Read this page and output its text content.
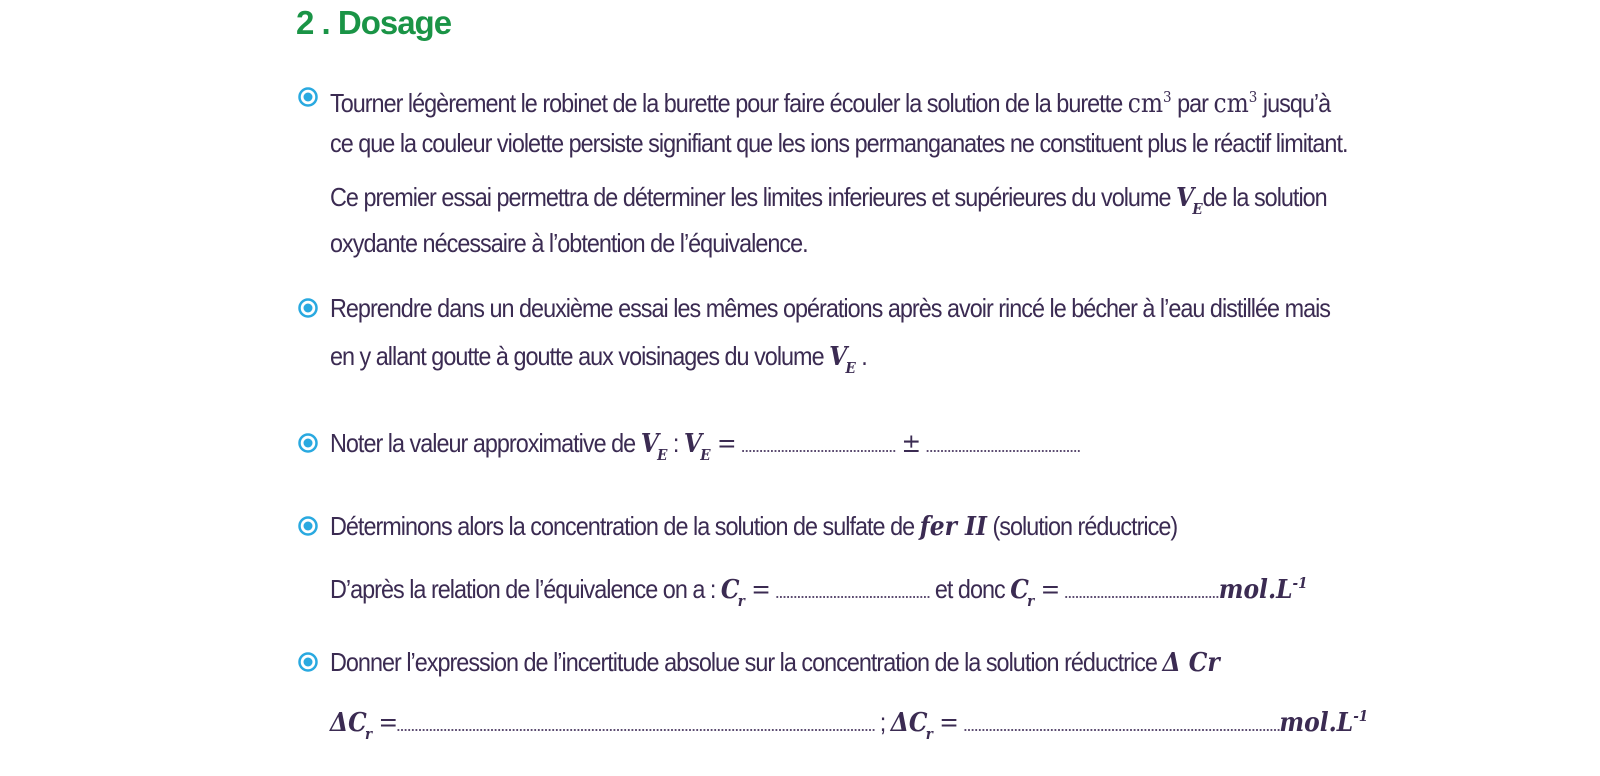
2 . Dosage
Tourner légèrement le robinet de la burette pour faire écouler la solution de la burette $cm^3$ par $cm^3$ jusqu’à
ce que la couleur violette persiste signifiant que les ions permanganates ne constituent plus le réactif limitant.
Ce premier essai permettra de déterminer les limites inferieures et supérieures du volume $V_Ede$ la solution
oxydante nécessaire à l’obtention de l’équivalence.
Reprendre dans un deuxième essai les mêmes opérations après avoir rincé le bécher à l’eau distillée mais
en y allant goutte à goutte aux voisinages du volume $V_E$ .
Noter la valeur approximative de $V_E$ : $V_E$ =	±
Déterminons alors la concentration de la solution de sulfate de fer II (solution réductrice)
D’après la relation de l’équivalence on a : $C_r$ =	et donc $C_r$ =	$mol.L^{-1}$
Donner l’expression de l’incertitude absolue sur la concentration de la solution réductrice Δ Cr
$\Delta C_r$ =	; $\Delta C_r$ =	$mol.L^{-1}$
